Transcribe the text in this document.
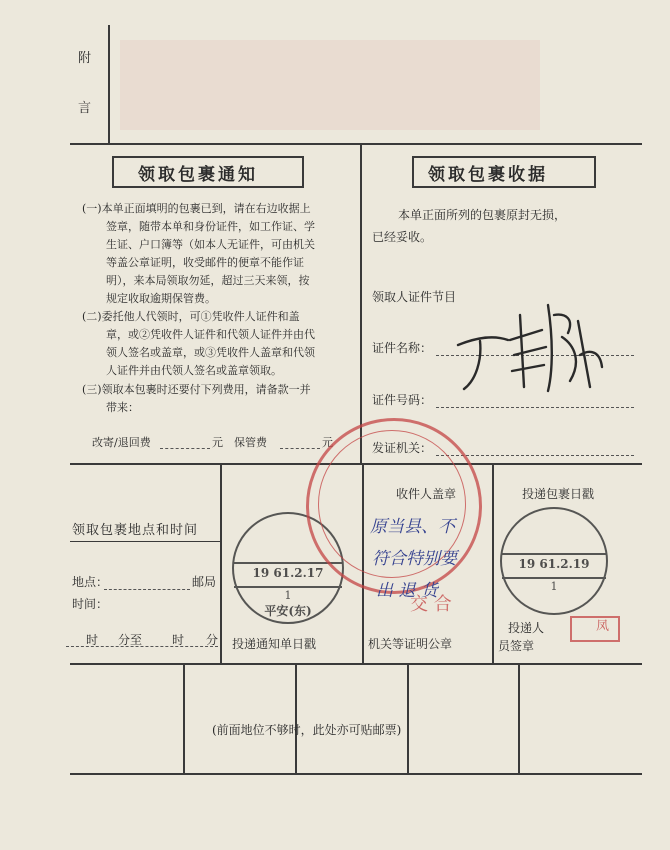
附
言
领取包裹通知
(一)本单正面填明的包裹已到，请在右边收据上
签章，随带本单和身份证件，如工作证、学
生证、户口簿等（如本人无证件，可由机关
等盖公章证明，收受邮件的便章不能作证
明），来本局领取勿延，超过三天来领，按
规定收取逾期保管费。
(二)委托他人代领时，可①凭收件人证件和盖
章，或②凭收件人证件和代领人证件并由代
领人签名或盖章，或③凭收件人盖章和代领
人证件并由代领人签名或盖章领取。
(三)领取本包裹时还要付下列费用，请备款一并
带来：
改寄/退回费	元 保管费	元
领取包裹地点和时间
地点：	邮局
时间：
时 分至 时 分
19 61.2.17
1
平安(东)
投递通知单日戳
领取包裹收据
本单正面所列的包裹原封无损，
已经妥收。
领取人证件节目
证件名称：
证件号码：
发证机关：
收件人盖章
原当县、不
符合特别要
出 退 货
交 合
机关等证明公章
投递包裹日戳
19 61.2.19
1
投递人
员签章
凤
(前面地位不够时，此处亦可贴邮票)
